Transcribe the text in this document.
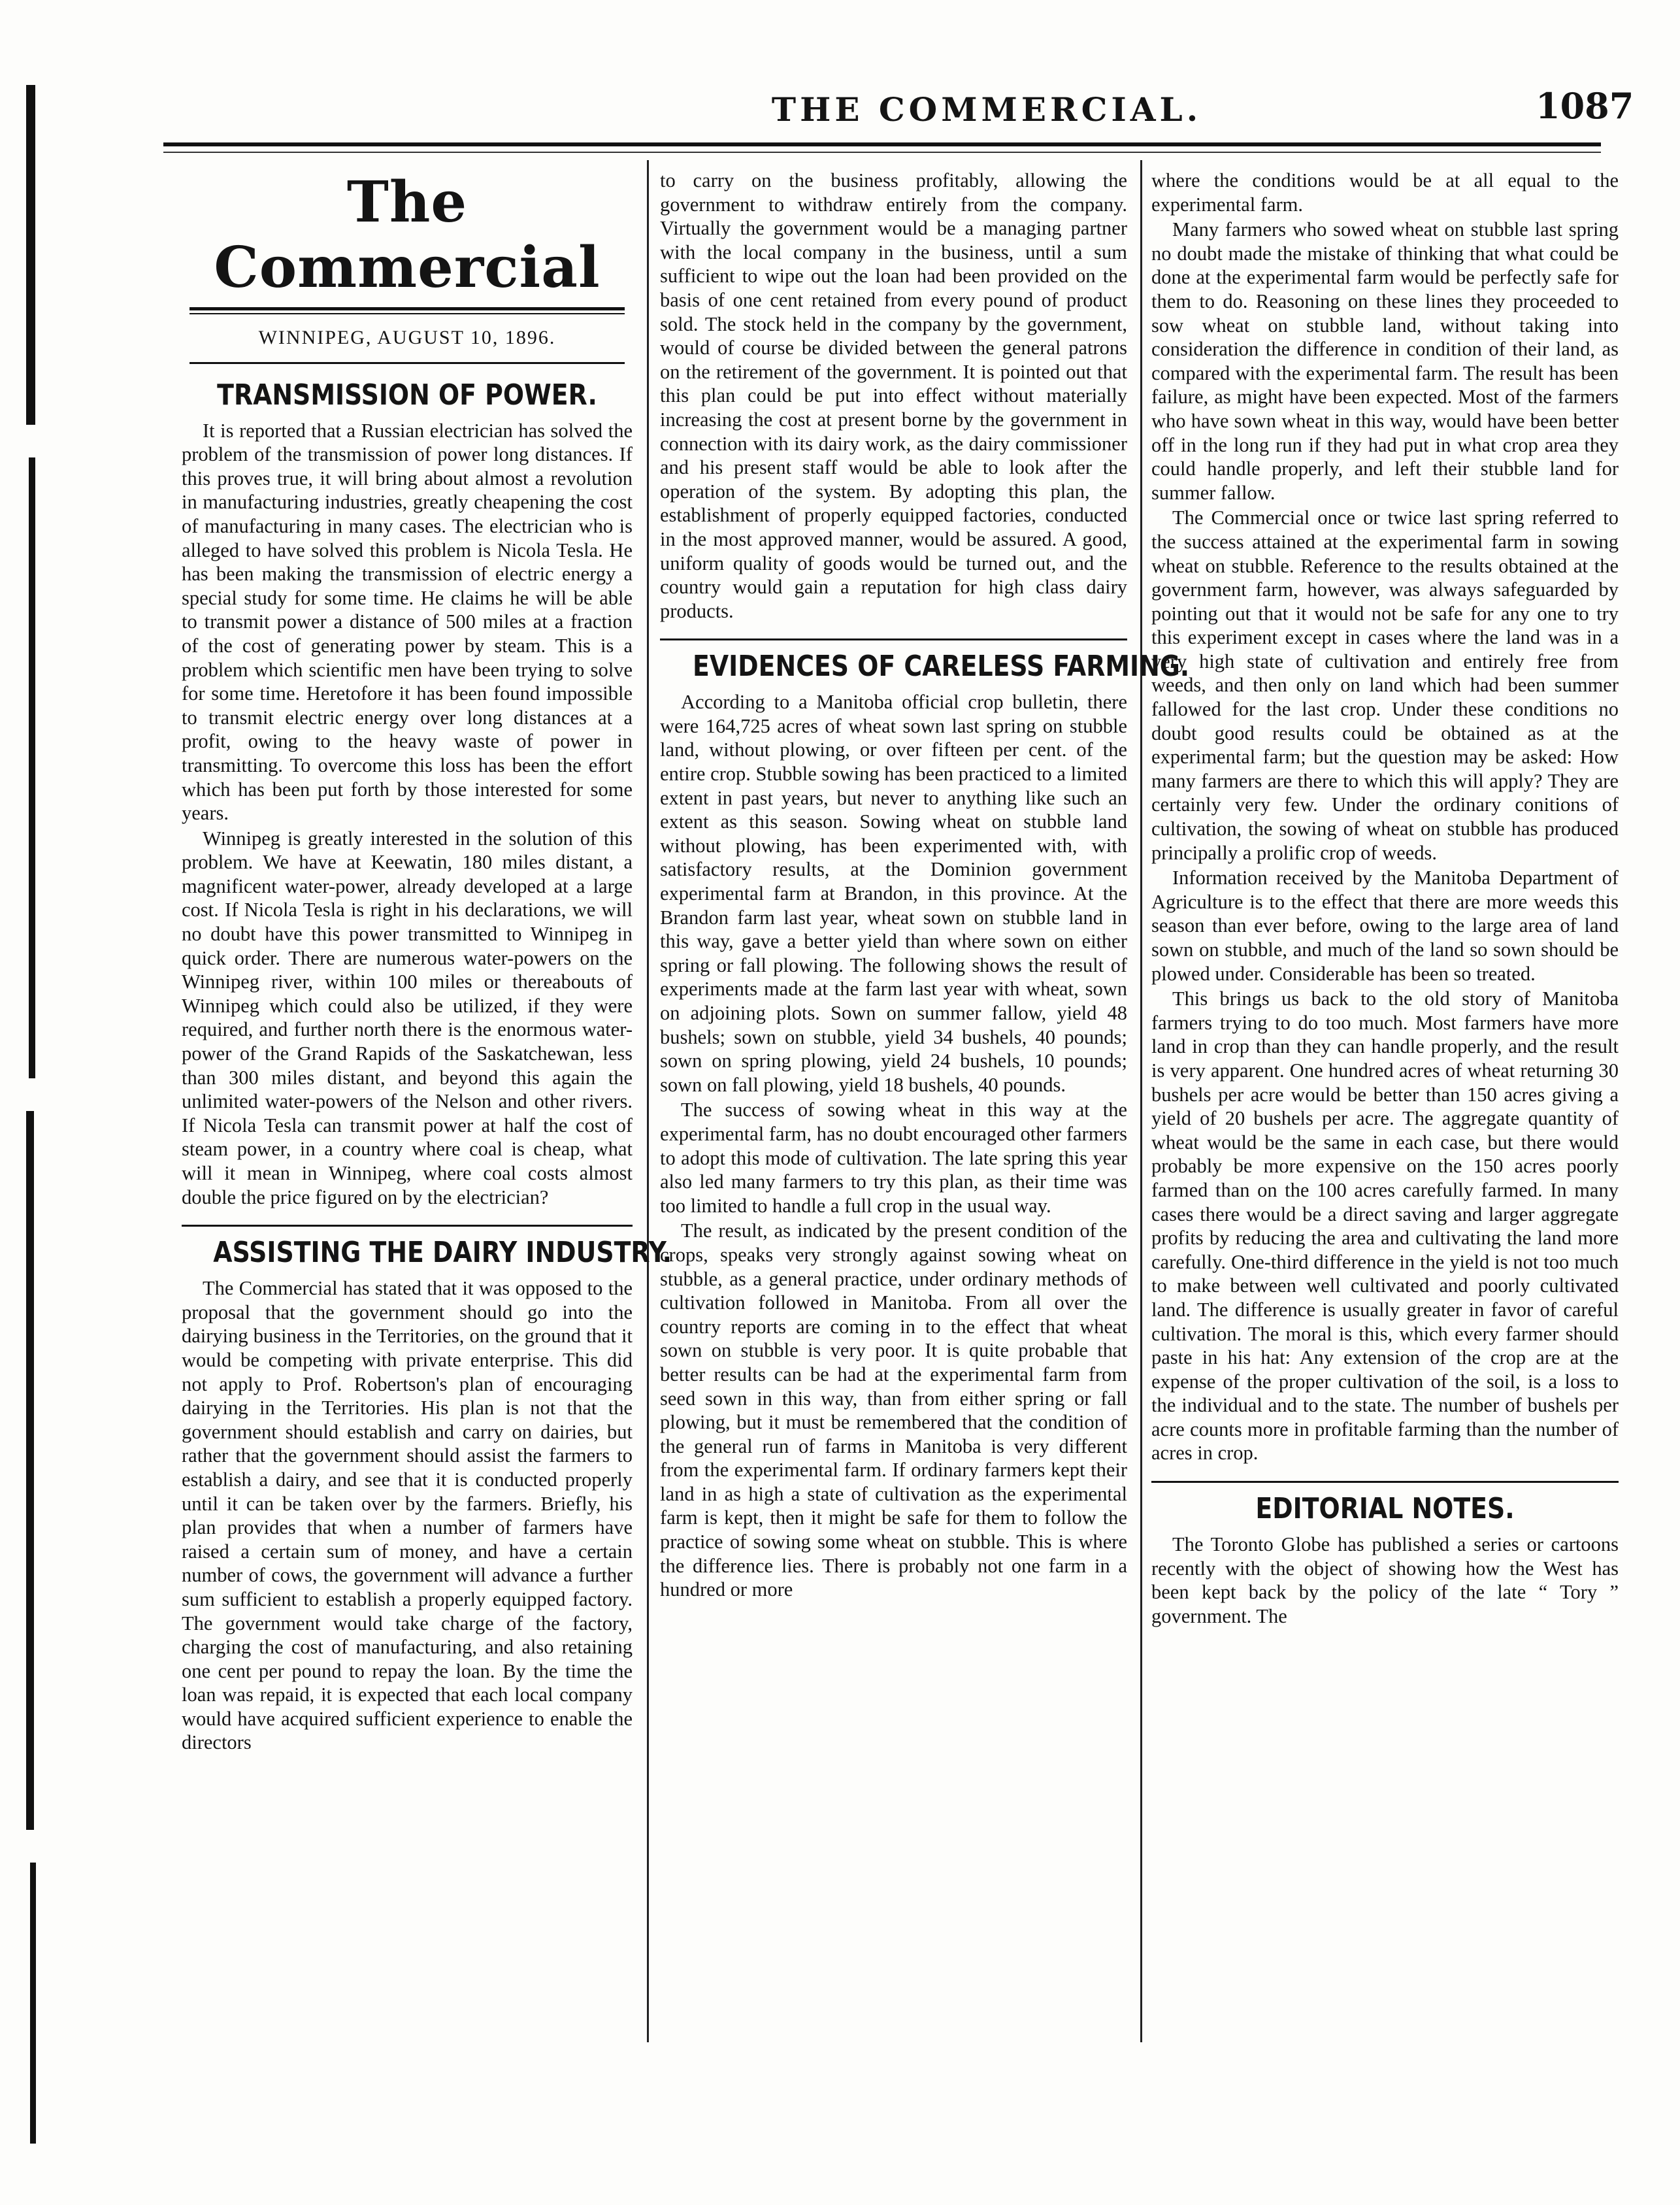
THE COMMERCIAL.	1087
The Commercial
WINNIPEG, AUGUST 10, 1896.
TRANSMISSION OF POWER.

It is reported that a Russian electrician has solved the problem of the transmission of power long distances. If this proves true, it will bring about almost a revolution in manufacturing industries, greatly cheapening the cost of manufacturing in many cases. The electrician who is alleged to have solved this problem is Nicola Tesla. He has been making the transmission of electric energy a special study for some time. He claims he will be able to transmit power a distance of 500 miles at a fraction of the cost of generating power by steam. This is a problem which scientific men have been trying to solve for some time. Heretofore it has been found impossible to transmit electric energy over long distances at a profit, owing to the heavy waste of power in transmitting. To overcome this loss has been the effort which has been put forth by those interested for some years.

Winnipeg is greatly interested in the solution of this problem. We have at Keewatin, 180 miles distant, a magnificent water-power, already developed at a large cost. If Nicola Tesla is right in his declarations, we will no doubt have this power transmitted to Winnipeg in quick order. There are numerous water-powers on the Winnipeg river, within 100 miles or thereabouts of Winnipeg which could also be utilized, if they were required, and further north there is the enormous water-power of the Grand Rapids of the Saskatchewan, less than 300 miles distant, and beyond this again the unlimited water-powers of the Nelson and other rivers. If Nicola Tesla can transmit power at half the cost of steam power, in a country where coal is cheap, what will it mean in Winnipeg, where coal costs almost double the price figured on by the electrician?

ASSISTING THE DAIRY INDUSTRY.

The Commercial has stated that it was opposed to the proposal that the government should go into the dairying business in the Territories, on the ground that it would be competing with private enterprise. This did not apply to Prof. Robertson's plan of encouraging dairying in the Territories. His plan is not that the government should establish and carry on dairies, but rather that the government should assist the farmers to establish a dairy, and see that it is conducted properly until it can be taken over by the farmers. Briefly, his plan provides that when a number of farmers have raised a certain sum of money, and have a certain number of cows, the government will advance a further sum sufficient to establish a properly equipped factory. The government would take charge of the factory, charging the cost of manufacturing, and also retaining one cent per pound to repay the loan. By the time the loan was repaid, it is expected that each local company would have acquired sufficient experience to enable the directors

to carry on the business profitably, allowing the government to withdraw entirely from the company. Virtually the government would be a managing partner with the local company in the business, until a sum sufficient to wipe out the loan had been provided on the basis of one cent retained from every pound of product sold. The stock held in the company by the government, would of course be divided between the general patrons on the retirement of the government. It is pointed out that this plan could be put into effect without materially increasing the cost at present borne by the government in connection with its dairy work, as the dairy commissioner and his present staff would be able to look after the operation of the system. By adopting this plan, the establishment of properly equipped factories, conducted in the most approved manner, would be assured. A good, uniform quality of goods would be turned out, and the country would gain a reputation for high class dairy products.

EVIDENCES OF CARELESS FARMING.

According to a Manitoba official crop bulletin, there were 164,725 acres of wheat sown last spring on stubble land, without plowing, or over fifteen per cent. of the entire crop. Stubble sowing has been practiced to a limited extent in past years, but never to anything like such an extent as this season. Sowing wheat on stubble land without plowing, has been experimented with, with satisfactory results, at the Dominion government experimental farm at Brandon, in this province. At the Brandon farm last year, wheat sown on stubble land in this way, gave a better yield than where sown on either spring or fall plowing. The following shows the result of experiments made at the farm last year with wheat, sown on adjoining plots. Sown on summer fallow, yield 48 bushels; sown on stubble, yield 34 bushels, 40 pounds; sown on spring plowing, yield 24 bushels, 10 pounds; sown on fall plowing, yield 18 bushels, 40 pounds.

The success of sowing wheat in this way at the experimental farm, has no doubt encouraged other farmers to adopt this mode of cultivation. The late spring this year also led many farmers to try this plan, as their time was too limited to handle a full crop in the usual way.

The result, as indicated by the present condition of the crops, speaks very strongly against sowing wheat on stubble, as a general practice, under ordinary methods of cultivation followed in Manitoba. From all over the country reports are coming in to the effect that wheat sown on stubble is very poor. It is quite probable that better results can be had at the experimental farm from seed sown in this way, than from either spring or fall plowing, but it must be remembered that the condition of the general run of farms in Manitoba is very different from the experimental farm. If ordinary farmers kept their land in as high a state of cultivation as the experimental farm is kept, then it might be safe for them to follow the practice of sowing some wheat on stubble. This is where the difference lies. There is probably not one farm in a hundred or more

where the conditions would be at all equal to the experimental farm.

Many farmers who sowed wheat on stubble last spring no doubt made the mistake of thinking that what could be done at the experimental farm would be perfectly safe for them to do. Reasoning on these lines they proceeded to sow wheat on stubble land, without taking into consideration the difference in condition of their land, as compared with the experimental farm. The result has been failure, as might have been expected. Most of the farmers who have sown wheat in this way, would have been better off in the long run if they had put in what crop area they could handle properly, and left their stubble land for summer fallow.

The Commercial once or twice last spring referred to the success attained at the experimental farm in sowing wheat on stubble. Reference to the results obtained at the government farm, however, was always safeguarded by pointing out that it would not be safe for any one to try this experiment except in cases where the land was in a very high state of cultivation and entirely free from weeds, and then only on land which had been summer fallowed for the last crop. Under these conditions no doubt good results could be obtained as at the experimental farm; but the question may be asked: How many farmers are there to which this will apply? They are certainly very few. Under the ordinary conitions of cultivation, the sowing of wheat on stubble has produced principally a prolific crop of weeds.

Information received by the Manitoba Department of Agriculture is to the effect that there are more weeds this season than ever before, owing to the large area of land sown on stubble, and much of the land so sown should be plowed under. Considerable has been so treated.

This brings us back to the old story of Manitoba farmers trying to do too much. Most farmers have more land in crop than they can handle properly, and the result is very apparent. One hundred acres of wheat returning 30 bushels per acre would be better than 150 acres giving a yield of 20 bushels per acre. The aggregate quantity of wheat would be the same in each case, but there would probably be more expensive on the 150 acres poorly farmed than on the 100 acres carefully farmed. In many cases there would be a direct saving and larger aggregate profits by reducing the area and cultivating the land more carefully. One-third difference in the yield is not too much to make between well cultivated and poorly cultivated land. The difference is usually greater in favor of careful cultivation. The moral is this, which every farmer should paste in his hat: Any extension of the crop are at the expense of the proper cultivation of the soil, is a loss to the individual and to the state. The number of bushels per acre counts more in profitable farming than the number of acres in crop.

EDITORIAL NOTES.

The Toronto Globe has published a series or cartoons recently with the object of showing how the West has been kept back by the policy of the late “ Tory ” government. The
